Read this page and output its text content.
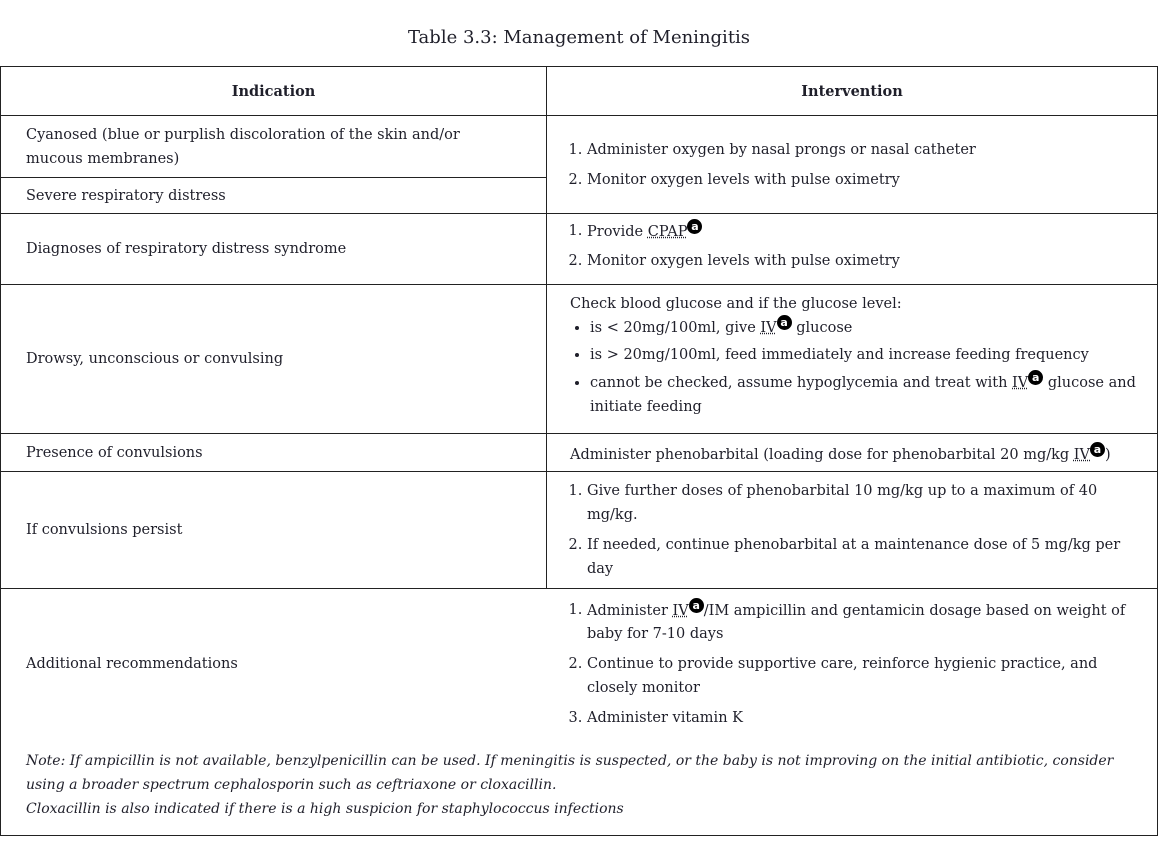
Table 3.3: Management of Meningitis
Indication	Intervention
Cyanosed (blue or purplish discoloration of the skin and/or mucous membranes)
Severe respiratory distress
1. Administer oxygen by nasal prongs or nasal catheter
2. Monitor oxygen levels with pulse oximetry
Diagnoses of respiratory distress syndrome
1. Provide CPAP a
2. Monitor oxygen levels with pulse oximetry
Drowsy, unconscious or convulsing
Check blood glucose and if the glucose level:
• is < 20mg/100ml, give IV a glucose
• is > 20mg/100ml, feed immediately and increase feeding frequency
• cannot be checked, assume hypoglycemia and treat with IV a glucose and initiate feeding
Presence of convulsions	Administer phenobarbital (loading dose for phenobarbital 20 mg/kg IV a )
If convulsions persist
1. Give further doses of phenobarbital 10 mg/kg up to a maximum of 40 mg/kg.
2. If needed, continue phenobarbital at a maintenance dose of 5 mg/kg per day
Additional recommendations
1. Administer IV a /IM ampicillin and gentamicin dosage based on weight of baby for 7-10 days
2. Continue to provide supportive care, reinforce hygienic practice, and closely monitor
3. Administer vitamin K
Note: If ampicillin is not available, benzylpenicillin can be used. If meningitis is suspected, or the baby is not improving on the initial antibiotic, consider using a broader spectrum cephalosporin such as ceftriaxone or cloxacillin.
Cloxacillin is also indicated if there is a high suspicion for staphylococcus infections
